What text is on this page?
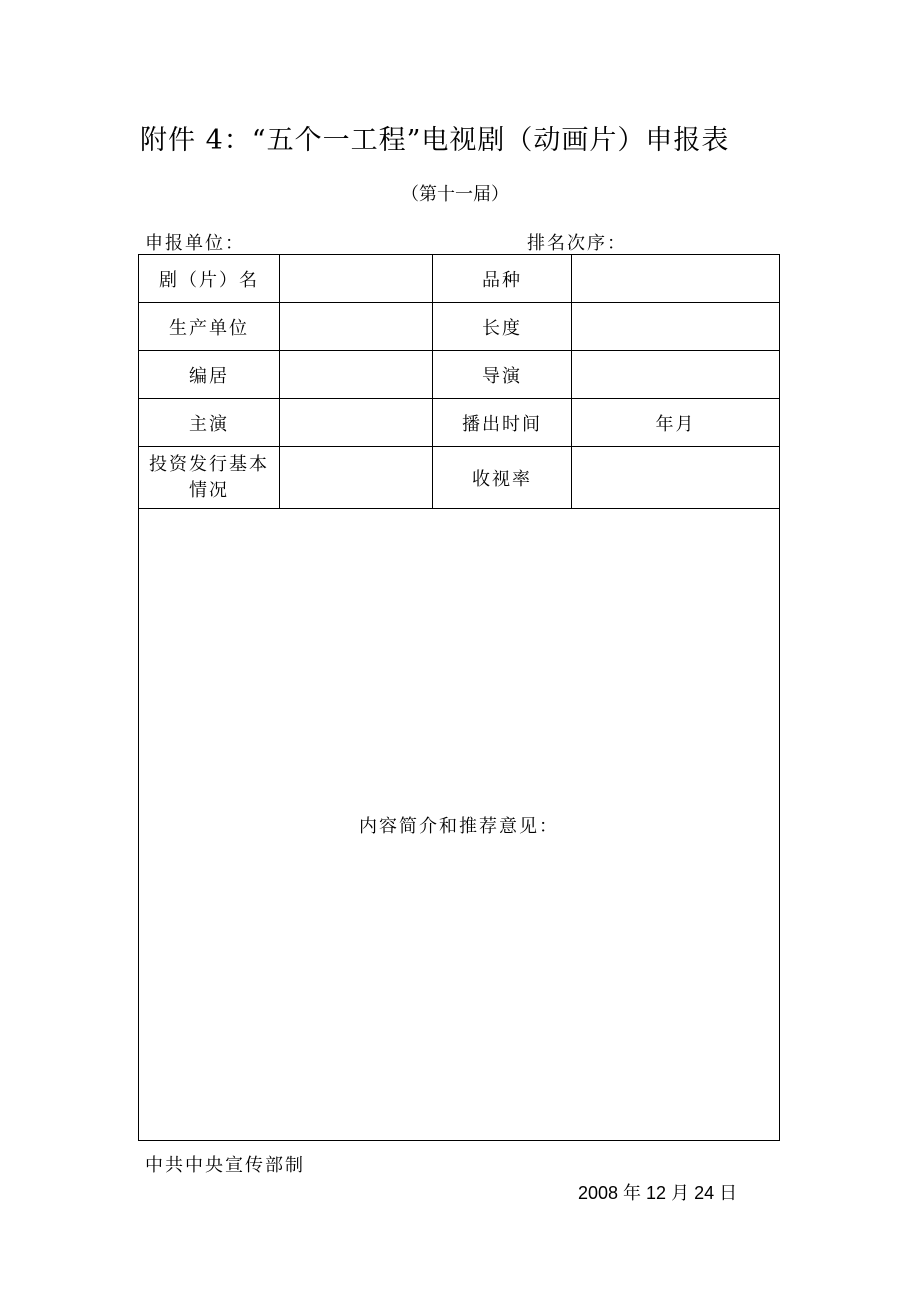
附件 4：“五个一工程”电视剧（动画片）申报表
（第十一届）
申报单位：	排名次序：
剧（片）名		品种	
生产单位		长度	
编居		导演	
主演		播出时间	年月

投资发行基本
情况		收视率	

内容简介和推荐意见：			
中共中央宣传部制
2008 年 12 月 24 日
